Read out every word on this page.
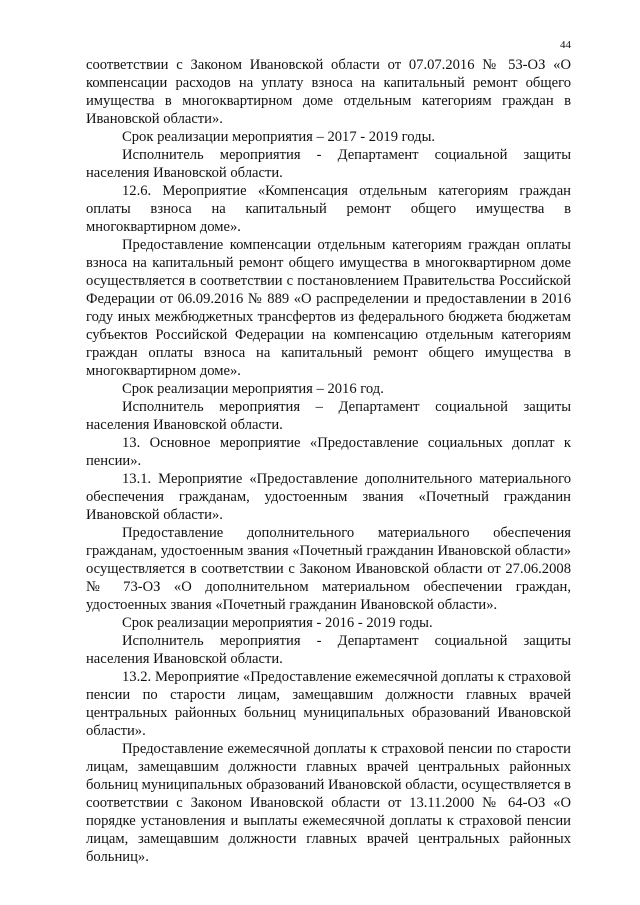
44

соответствии с Законом Ивановской области от 07.07.2016 № 53-ОЗ «О компенсации расходов на уплату взноса на капитальный ремонт общего имущества в многоквартирном доме отдельным категориям граждан в Ивановской области».

Срок реализации мероприятия – 2017 - 2019 годы.

Исполнитель мероприятия - Департамент социальной защиты населения Ивановской области.

12.6. Мероприятие «Компенсация отдельным категориям граждан оплаты взноса на капитальный ремонт общего имущества в многоквартирном доме».

Предоставление компенсации отдельным категориям граждан оплаты взноса на капитальный ремонт общего имущества в многоквартирном доме осуществляется в соответствии с постановлением Правительства Российской Федерации от 06.09.2016 № 889 «О распределении и предоставлении в 2016 году иных межбюджетных трансфертов из федерального бюджета бюджетам субъектов Российской Федерации на компенсацию отдельным категориям граждан оплаты взноса на капитальный ремонт общего имущества в многоквартирном доме».

Срок реализации мероприятия – 2016 год.

Исполнитель мероприятия – Департамент социальной защиты населения Ивановской области.

13. Основное мероприятие «Предоставление социальных доплат к пенсии».

13.1. Мероприятие «Предоставление дополнительного материального обеспечения гражданам, удостоенным звания «Почетный гражданин Ивановской области».

Предоставление дополнительного материального обеспечения гражданам, удостоенным звания «Почетный гражданин Ивановской области» осуществляется в соответствии с Законом Ивановской области от 27.06.2008 № 73-ОЗ «О дополнительном материальном обеспечении граждан, удостоенных звания «Почетный гражданин Ивановской области».

Срок реализации мероприятия - 2016 - 2019 годы.

Исполнитель мероприятия - Департамент социальной защиты населения Ивановской области.

13.2. Мероприятие «Предоставление ежемесячной доплаты к страховой пенсии по старости лицам, замещавшим должности главных врачей центральных районных больниц муниципальных образований Ивановской области».

Предоставление ежемесячной доплаты к страховой пенсии по старости лицам, замещавшим должности главных врачей центральных районных больниц муниципальных образований Ивановской области, осуществляется в соответствии с Законом Ивановской области от 13.11.2000 № 64-ОЗ «О порядке установления и выплаты ежемесячной доплаты к страховой пенсии лицам, замещавшим должности главных врачей центральных районных больниц».
